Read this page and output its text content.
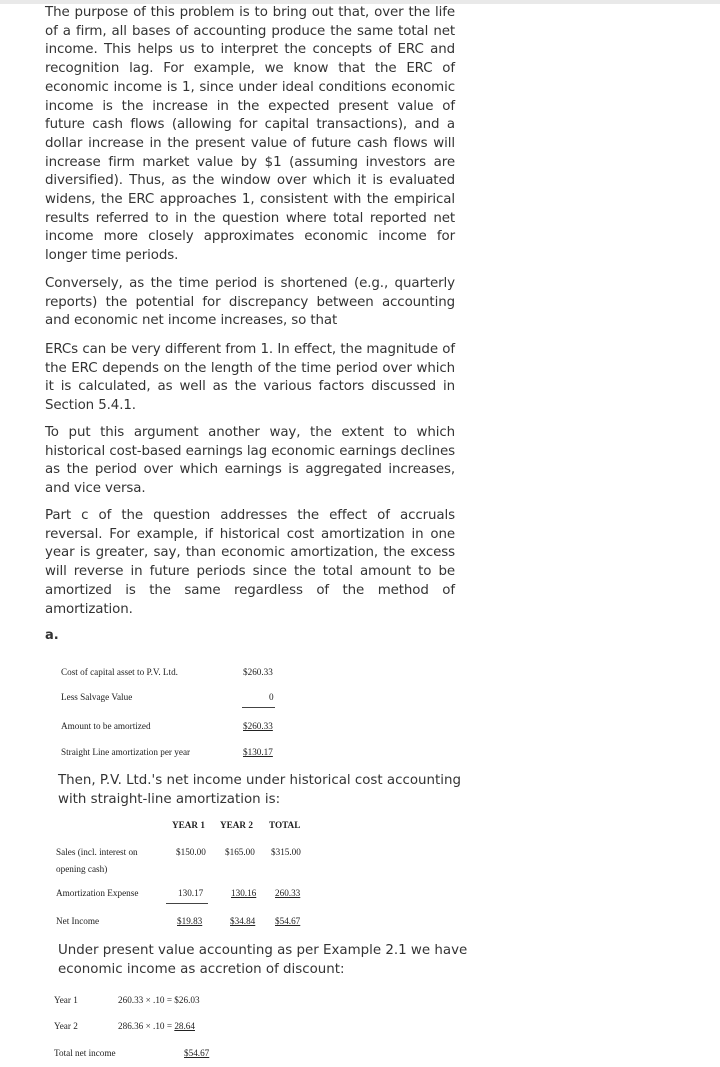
The purpose of this problem is to bring out that, over the life of a firm, all bases of accounting produce the same total net income. This helps us to interpret the concepts of ERC and recognition lag. For example, we know that the ERC of economic income is 1, since under ideal conditions economic income is the increase in the expected present value of future cash flows (allowing for capital transactions), and a dollar increase in the present value of future cash flows will increase firm market value by $1 (assuming investors are diversified). Thus, as the window over which it is evaluated widens, the ERC approaches 1, consistent with the empirical results referred to in the question where total reported net income more closely approximates economic income for longer time periods.

Conversely, as the time period is shortened (e.g., quarterly reports) the potential for discrepancy between accounting and economic net income increases, so that

ERCs can be very different from 1. In effect, the magnitude of the ERC depends on the length of the time period over which it is calculated, as well as the various factors discussed in Section 5.4.1.

To put this argument another way, the extent to which historical cost-based earnings lag economic earnings declines as the period over which earnings is aggregated increases, and vice versa.

Part c of the question addresses the effect of accruals reversal. For example, if historical cost amortization in one year is greater, say, than economic amortization, the excess will reverse in future periods since the total amount to be amortized is the same regardless of the method of amortization.

a.
Cost of capital asset to P.V. Ltd.	$260.33
Less Salvage Value	0
Amount to be amortized	$260.33
Straight Line amortization per year	$130.17
Then, P.V. Ltd.'s net income under historical cost accounting with straight-line amortization is:
YEAR 1 YEAR 2 TOTAL
Sales (incl. interest on
opening cash)
$150.00 $165.00 $315.00
Amortization Expense	130.17	130.16 260.33
Net Income	$19.83	$34.84 $54.67
Under present value accounting as per Example 2.1 we have economic income as accretion of discount:
Year 1	260.33 × .10 = $26.03
Year 2	286.36 × .10 = 28.64
Total net income	$54.67
